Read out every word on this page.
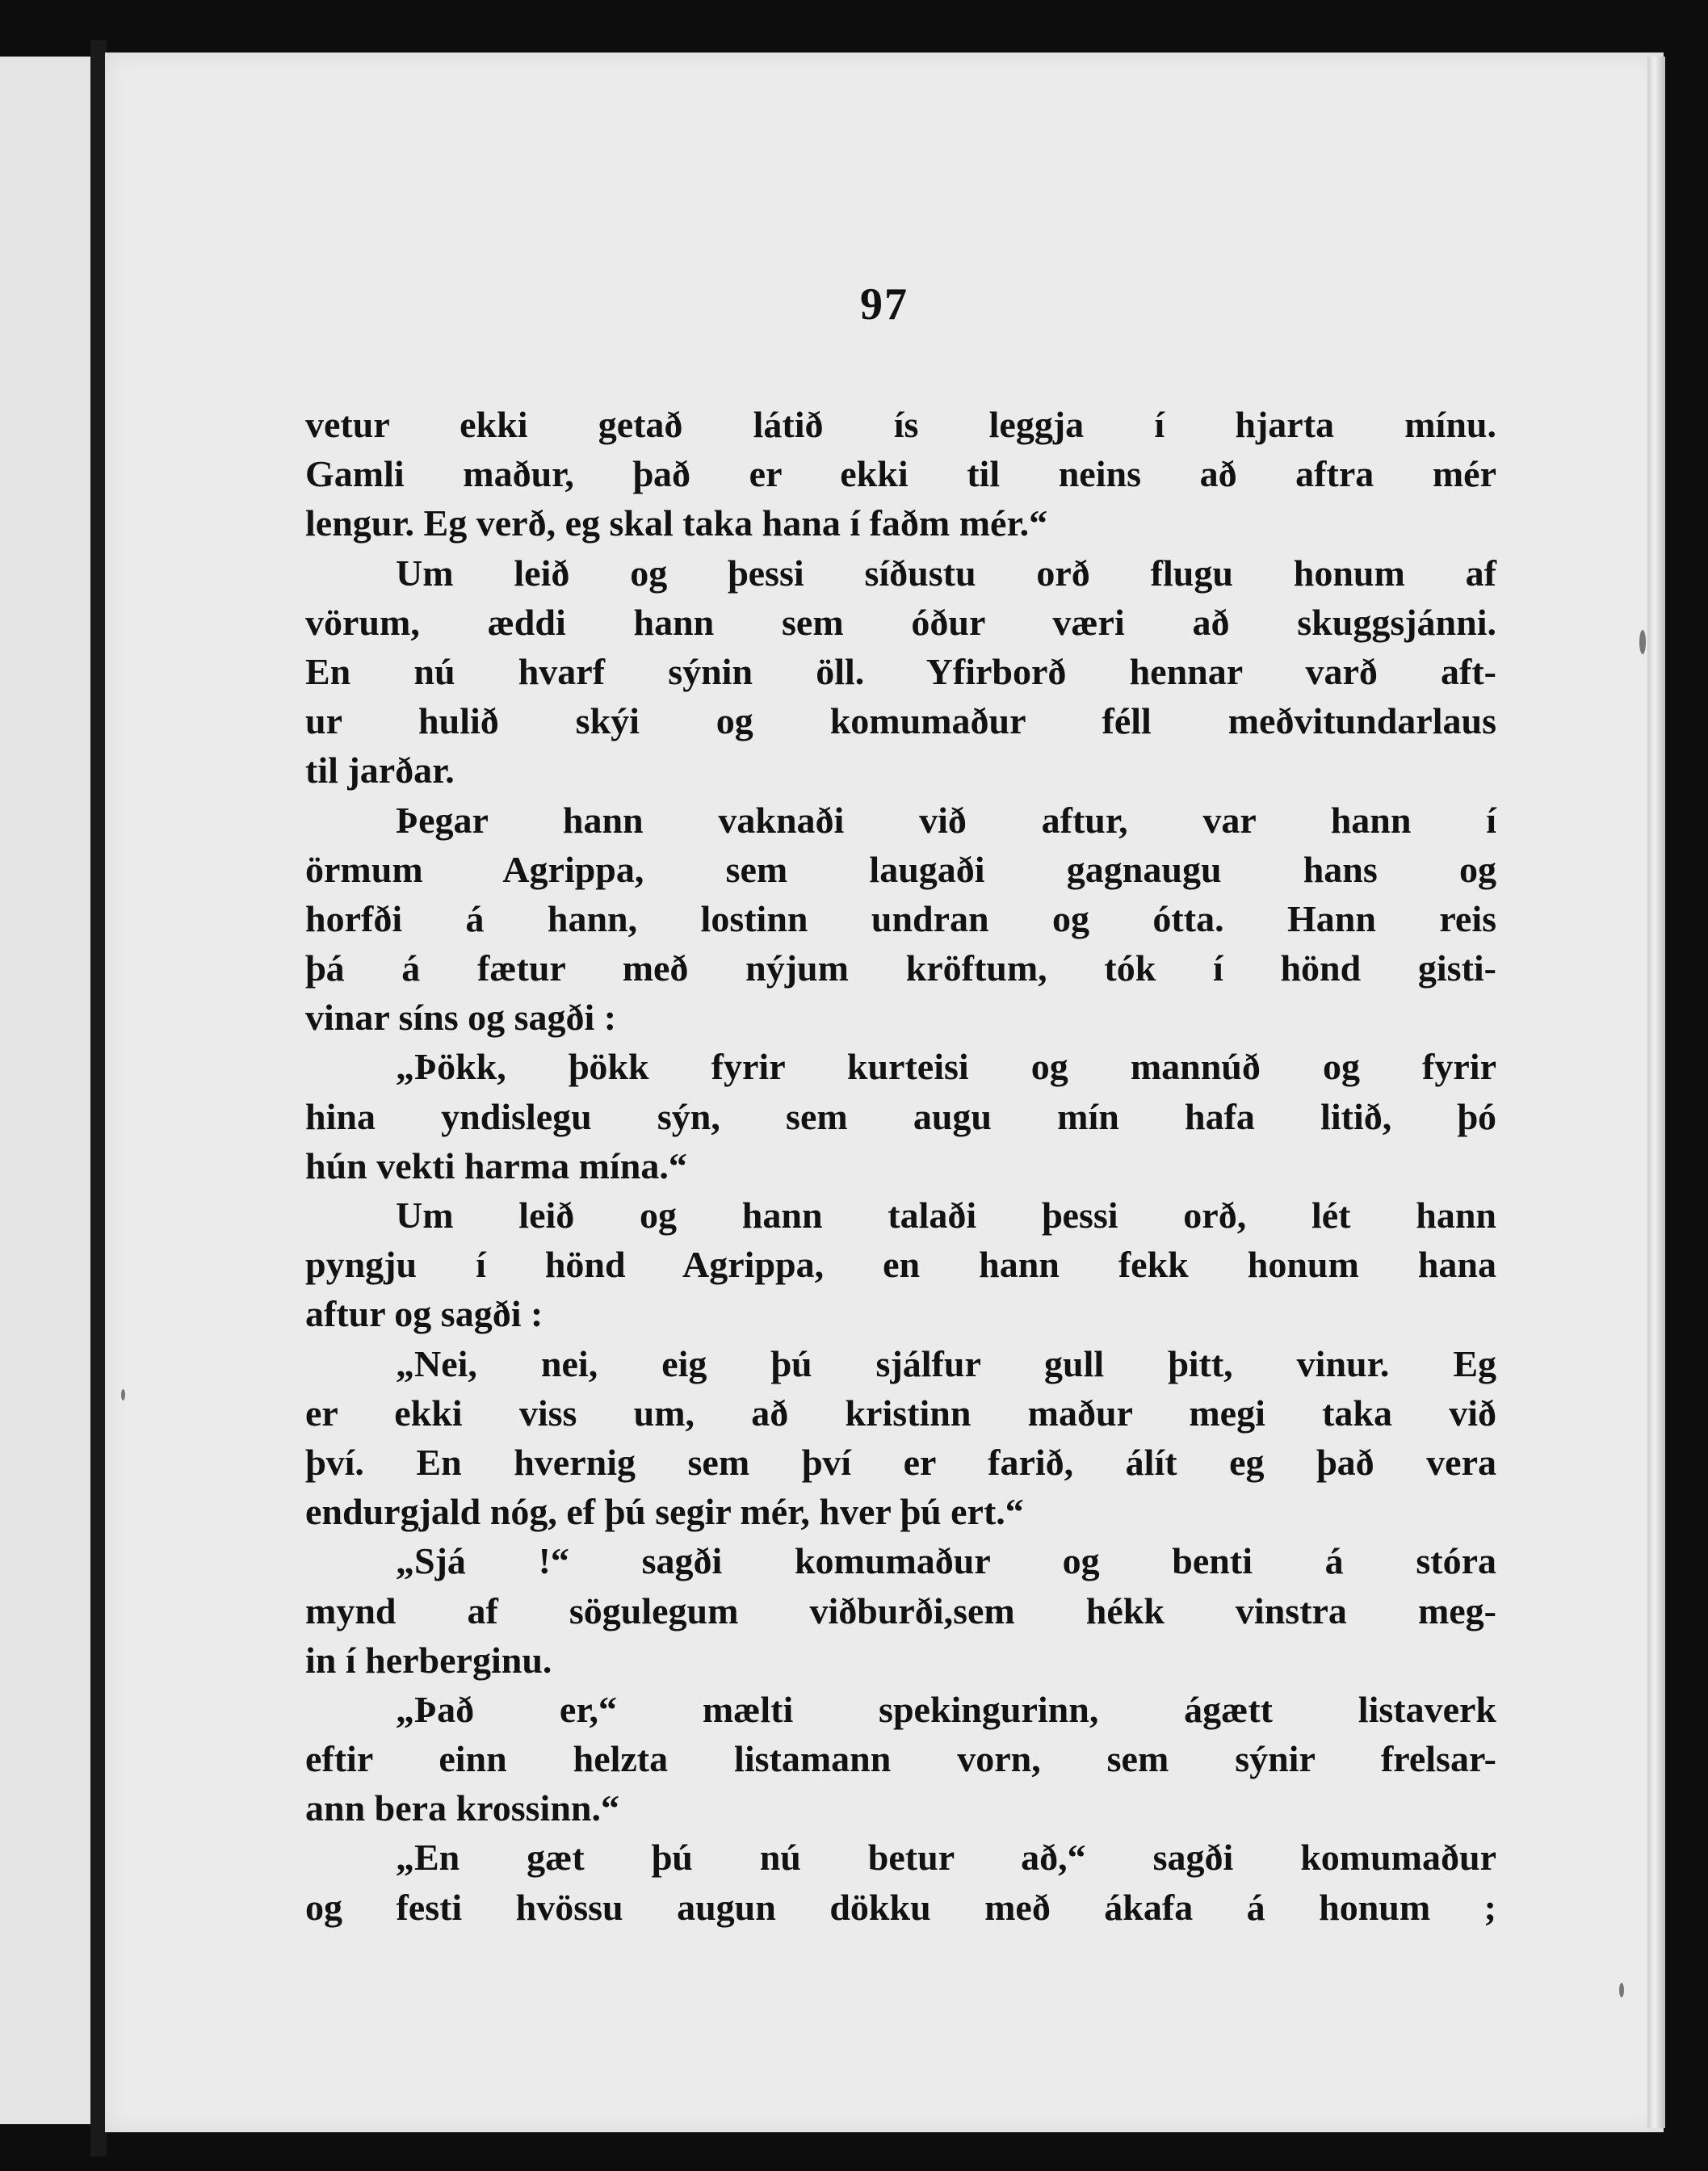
97
vetur ekki getað látið ís leggja í hjarta mínu.
Gamli maður, það er ekki til neins að aftra mér
lengur. Eg verð, eg skal taka hana í faðm mér.“
Um leið og þessi síðustu orð flugu honum af
vörum, æddi hann sem óður væri að skuggsjánni.
En nú hvarf sýnin öll. Yfirborð hennar varð aft-
ur hulið skýi og komumaður féll meðvitundarlaus
til jarðar.
Þegar hann vaknaði við aftur, var hann í
örmum Agrippa, sem laugaði gagnaugu hans og
horfði á hann, lostinn undran og ótta. Hann reis
þá á fætur með nýjum kröftum, tók í hönd gisti-
vinar síns og sagði :
„Þökk, þökk fyrir kurteisi og mannúð og fyrir
hina yndislegu sýn, sem augu mín hafa litið, þó
hún vekti harma mína.“
Um leið og hann talaði þessi orð, lét hann
pyngju í hönd Agrippa, en hann fekk honum hana
aftur og sagði :
„Nei, nei, eig þú sjálfur gull þitt, vinur. Eg
er ekki viss um, að kristinn maður megi taka við
því. En hvernig sem því er farið, álít eg það vera
endurgjald nóg, ef þú segir mér, hver þú ert.“
„Sjá !“ sagði komumaður og benti á stóra
mynd af sögulegum viðburði,sem hékk vinstra meg-
in í herberginu.
„Það er,“ mælti spekingurinn, ágætt listaverk
eftir einn helzta listamann vorn, sem sýnir frelsar-
ann bera krossinn.“
„En gæt þú nú betur að,“ sagði komumaður
og festi hvössu augun dökku með ákafa á honum ;
